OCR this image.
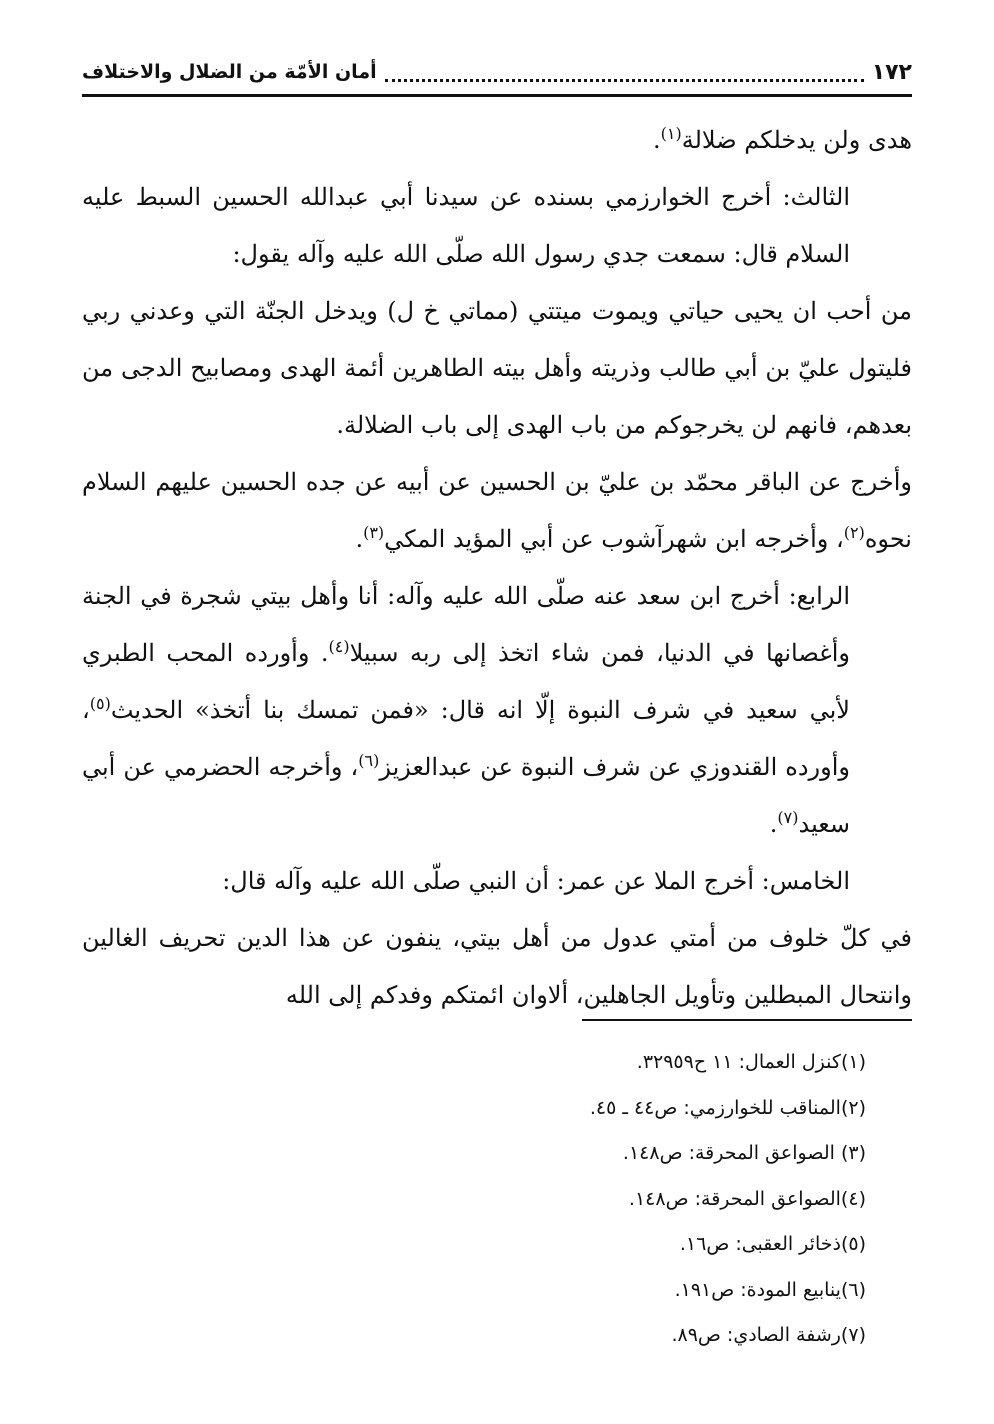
١٧٢
أمان الأمّة من الضلال والاختلاف

هدى ولن يدخلكم ضلالة$^{(١)}$.

الثالث: أخرج الخوارزمي بسنده عن سيدنا أبي عبدالله الحسين السبط عليه السلام قال: سمعت جدي رسول الله صلّى الله عليه وآله يقول:

من أحب ان يحيى حياتي ويموت ميتتي (مماتي خ ل) ويدخل الجنّة التي وعدني ربي فليتول عليّ بن أبي طالب وذريته وأهل بيته الطاهرين أئمة الهدى ومصابيح الدجى من بعدهم، فانهم لن يخرجوكم من باب الهدى إلى باب الضلالة.

وأخرج عن الباقر محمّد بن عليّ بن الحسين عن أبيه عن جده الحسين عليهم السلام نحوه$^{(٢)}$، وأخرجه ابن شهرآشوب عن أبي المؤيد المكي$^{(٣)}$.

الرابع: أخرج ابن سعد عنه صلّى الله عليه وآله: أنا وأهل بيتي شجرة في الجنة وأغصانها في الدنيا، فمن شاء اتخذ إلى ربه سبيلا$^{(٤)}$. وأورده المحب الطبري لأبي سعيد في شرف النبوة إلّا انه قال: «فمن تمسك بنا أتخذ» الحديث$^{(٥)}$، وأورده القندوزي عن شرف النبوة عن عبدالعزيز$^{(٦)}$، وأخرجه الحضرمي عن أبي سعيد$^{(٧)}$.

الخامس: أخرج الملا عن عمر: أن النبي صلّى الله عليه وآله قال:

في كلّ خلوف من أمتي عدول من أهل بيتي، ينفون عن هذا الدين تحريف الغالين وانتحال المبطلين وتأويل الجاهلين، ألاوان ائمتكم وفدكم إلى الله

(١)كنزل العمال: ١١ ح٣٢٩٥٩.
(٢)المناقب للخوارزمي: ص٤٤ ـ ٤٥.
(٣) الصواعق المحرقة: ص١٤٨.
(٤)الصواعق المحرقة: ص١٤٨.
(٥)ذخائر العقبى: ص١٦.
(٦)ينابيع المودة: ص١٩١.
(٧)رشفة الصادي: ص٨٩.
